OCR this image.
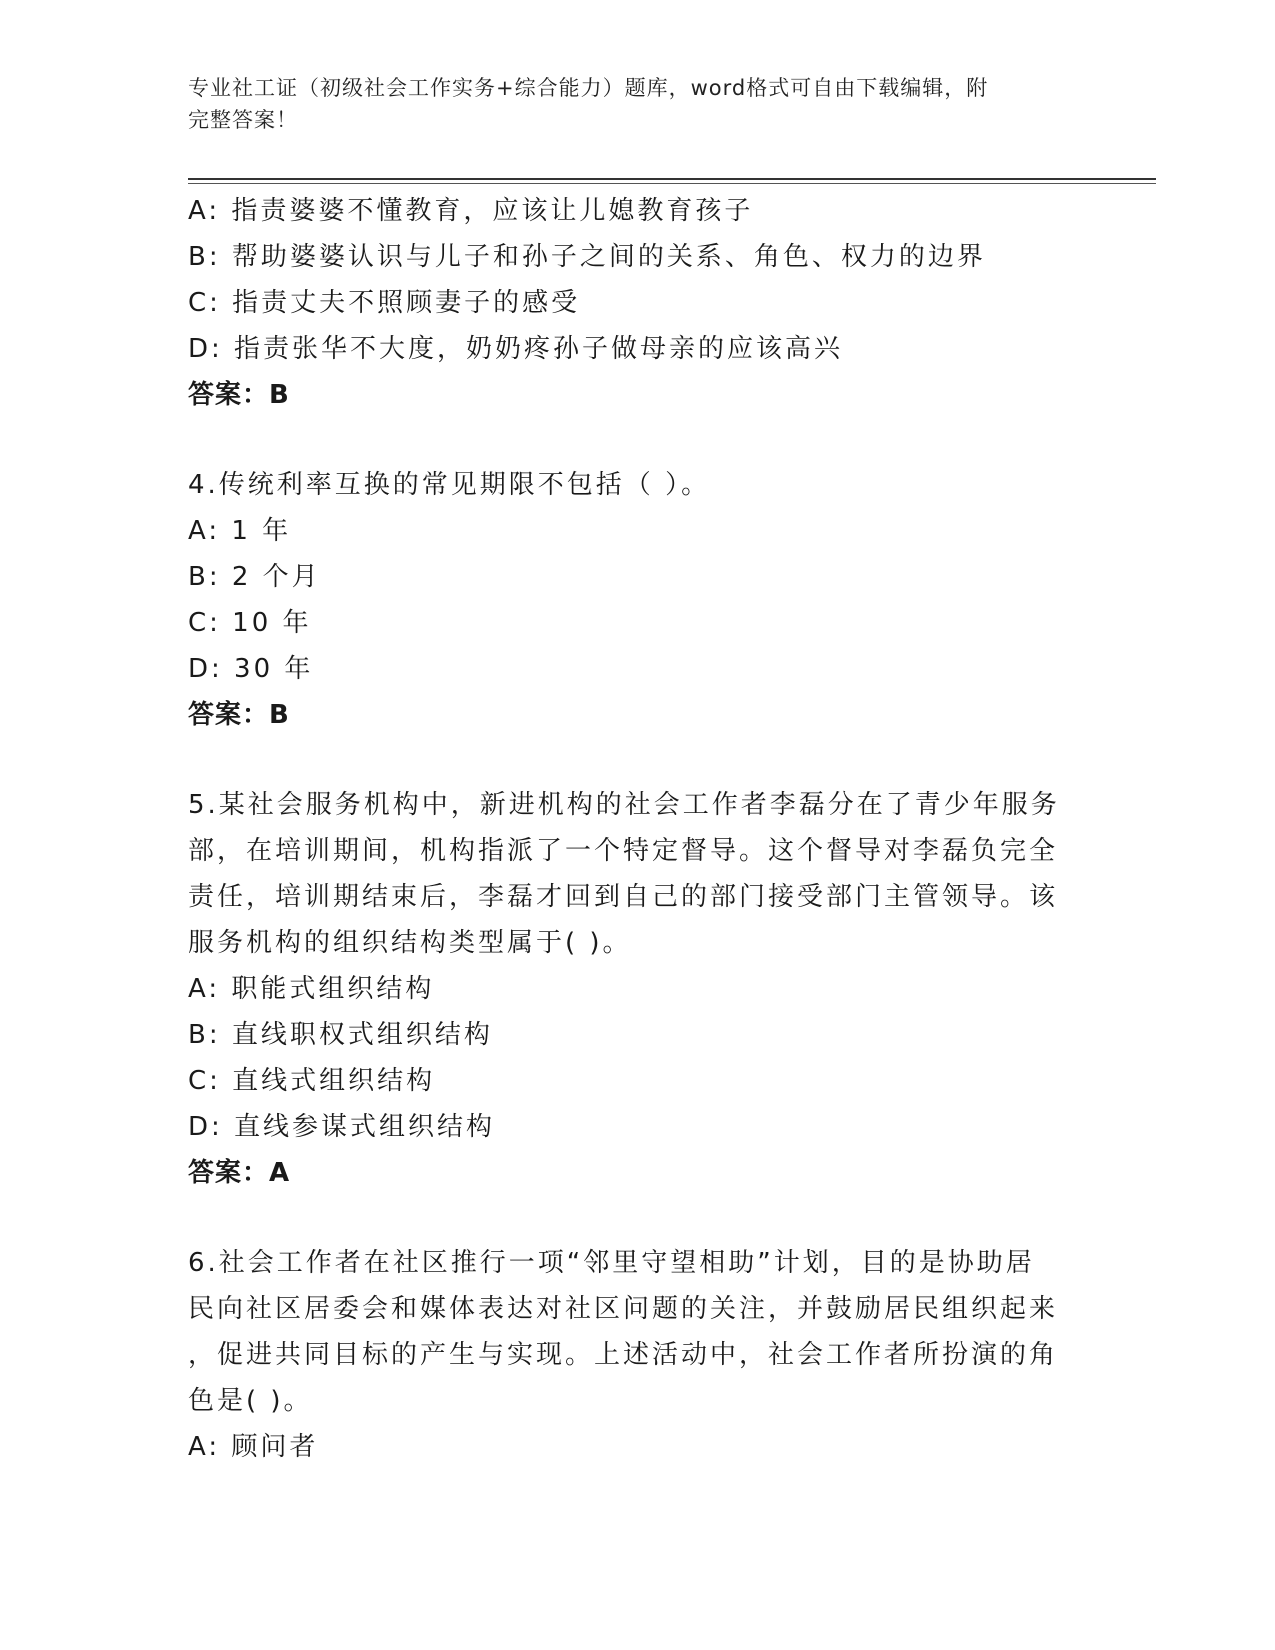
专业社工证（初级社会工作实务+综合能力）题库，word格式可自由下载编辑，附
完整答案！
A: 指责婆婆不懂教育，应该让儿媳教育孩子
B: 帮助婆婆认识与儿子和孙子之间的关系、角色、权力的边界
C: 指责丈夫不照顾妻子的感受
D: 指责张华不大度，奶奶疼孙子做母亲的应该高兴
答案：B
4.传统利率互换的常见期限不包括（ ）。
A: 1 年
B: 2 个月
C: 10 年
D: 30 年
答案：B
5.某社会服务机构中，新进机构的社会工作者李磊分在了青少年服务
部，在培训期间，机构指派了一个特定督导。这个督导对李磊负完全
责任，培训期结束后，李磊才回到自己的部门接受部门主管领导。该
服务机构的组织结构类型属于( )。
A: 职能式组织结构
B: 直线职权式组织结构
C: 直线式组织结构
D: 直线参谋式组织结构
答案：A
6.社会工作者在社区推行一项“邻里守望相助”计划，目的是协助居
民向社区居委会和媒体表达对社区问题的关注，并鼓励居民组织起来
，促进共同目标的产生与实现。上述活动中，社会工作者所扮演的角
色是( )。
A: 顾问者
